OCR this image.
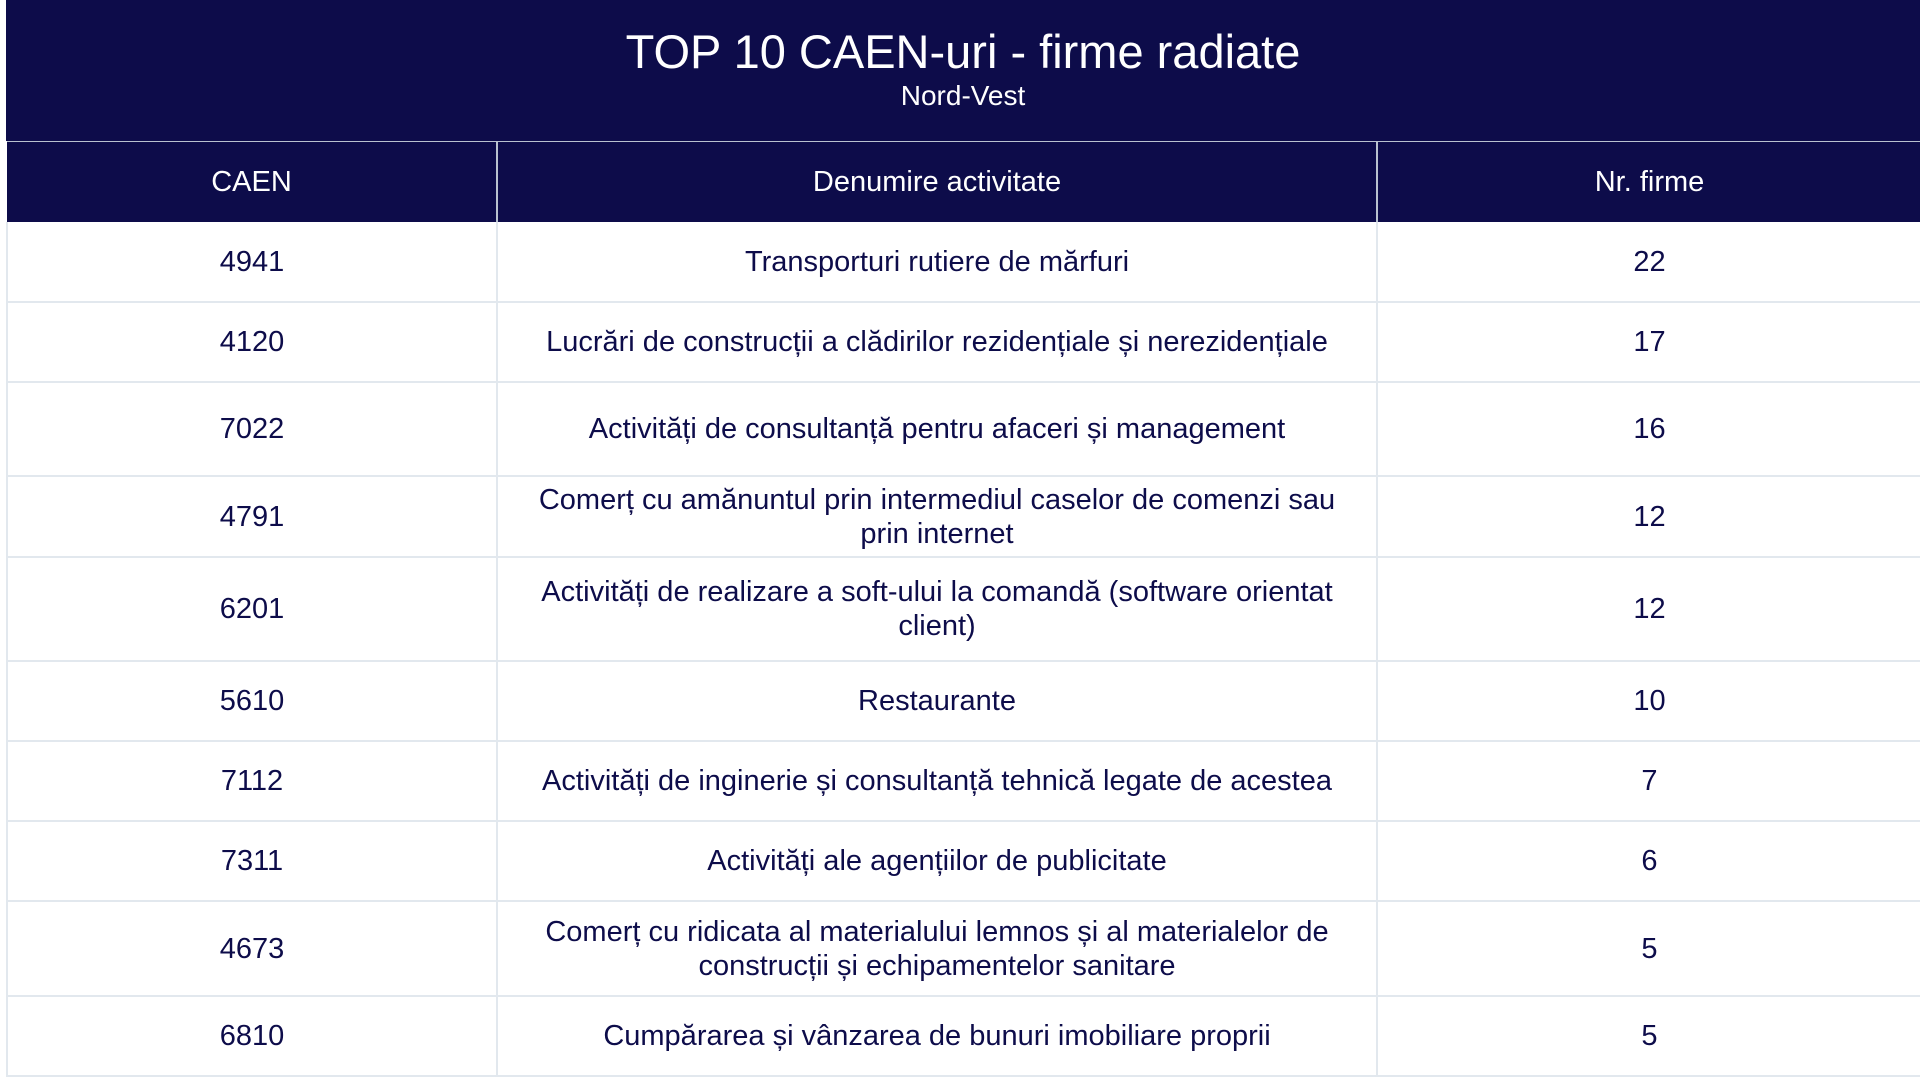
TOP 10 CAEN-uri - firme radiate
Nord-Vest
CAEN	Denumire activitate	Nr. firme
4941	Transporturi rutiere de mărfuri	22
4120	Lucrări de construcții a clădirilor rezidențiale și nerezidențiale	17
7022	Activități de consultanță pentru afaceri și management	16
4791	Comerț cu amănuntul prin intermediul caselor de comenzi sau prin internet	12
6201	Activități de realizare a soft-ului la comandă (software orientat client)	12
5610	Restaurante	10
7112	Activități de inginerie și consultanță tehnică legate de acestea	7
7311	Activități ale agențiilor de publicitate	6
4673	Comerț cu ridicata al materialului lemnos și al materialelor de construcții și echipamentelor sanitare	5
6810	Cumpărarea și vânzarea de bunuri imobiliare proprii	5
